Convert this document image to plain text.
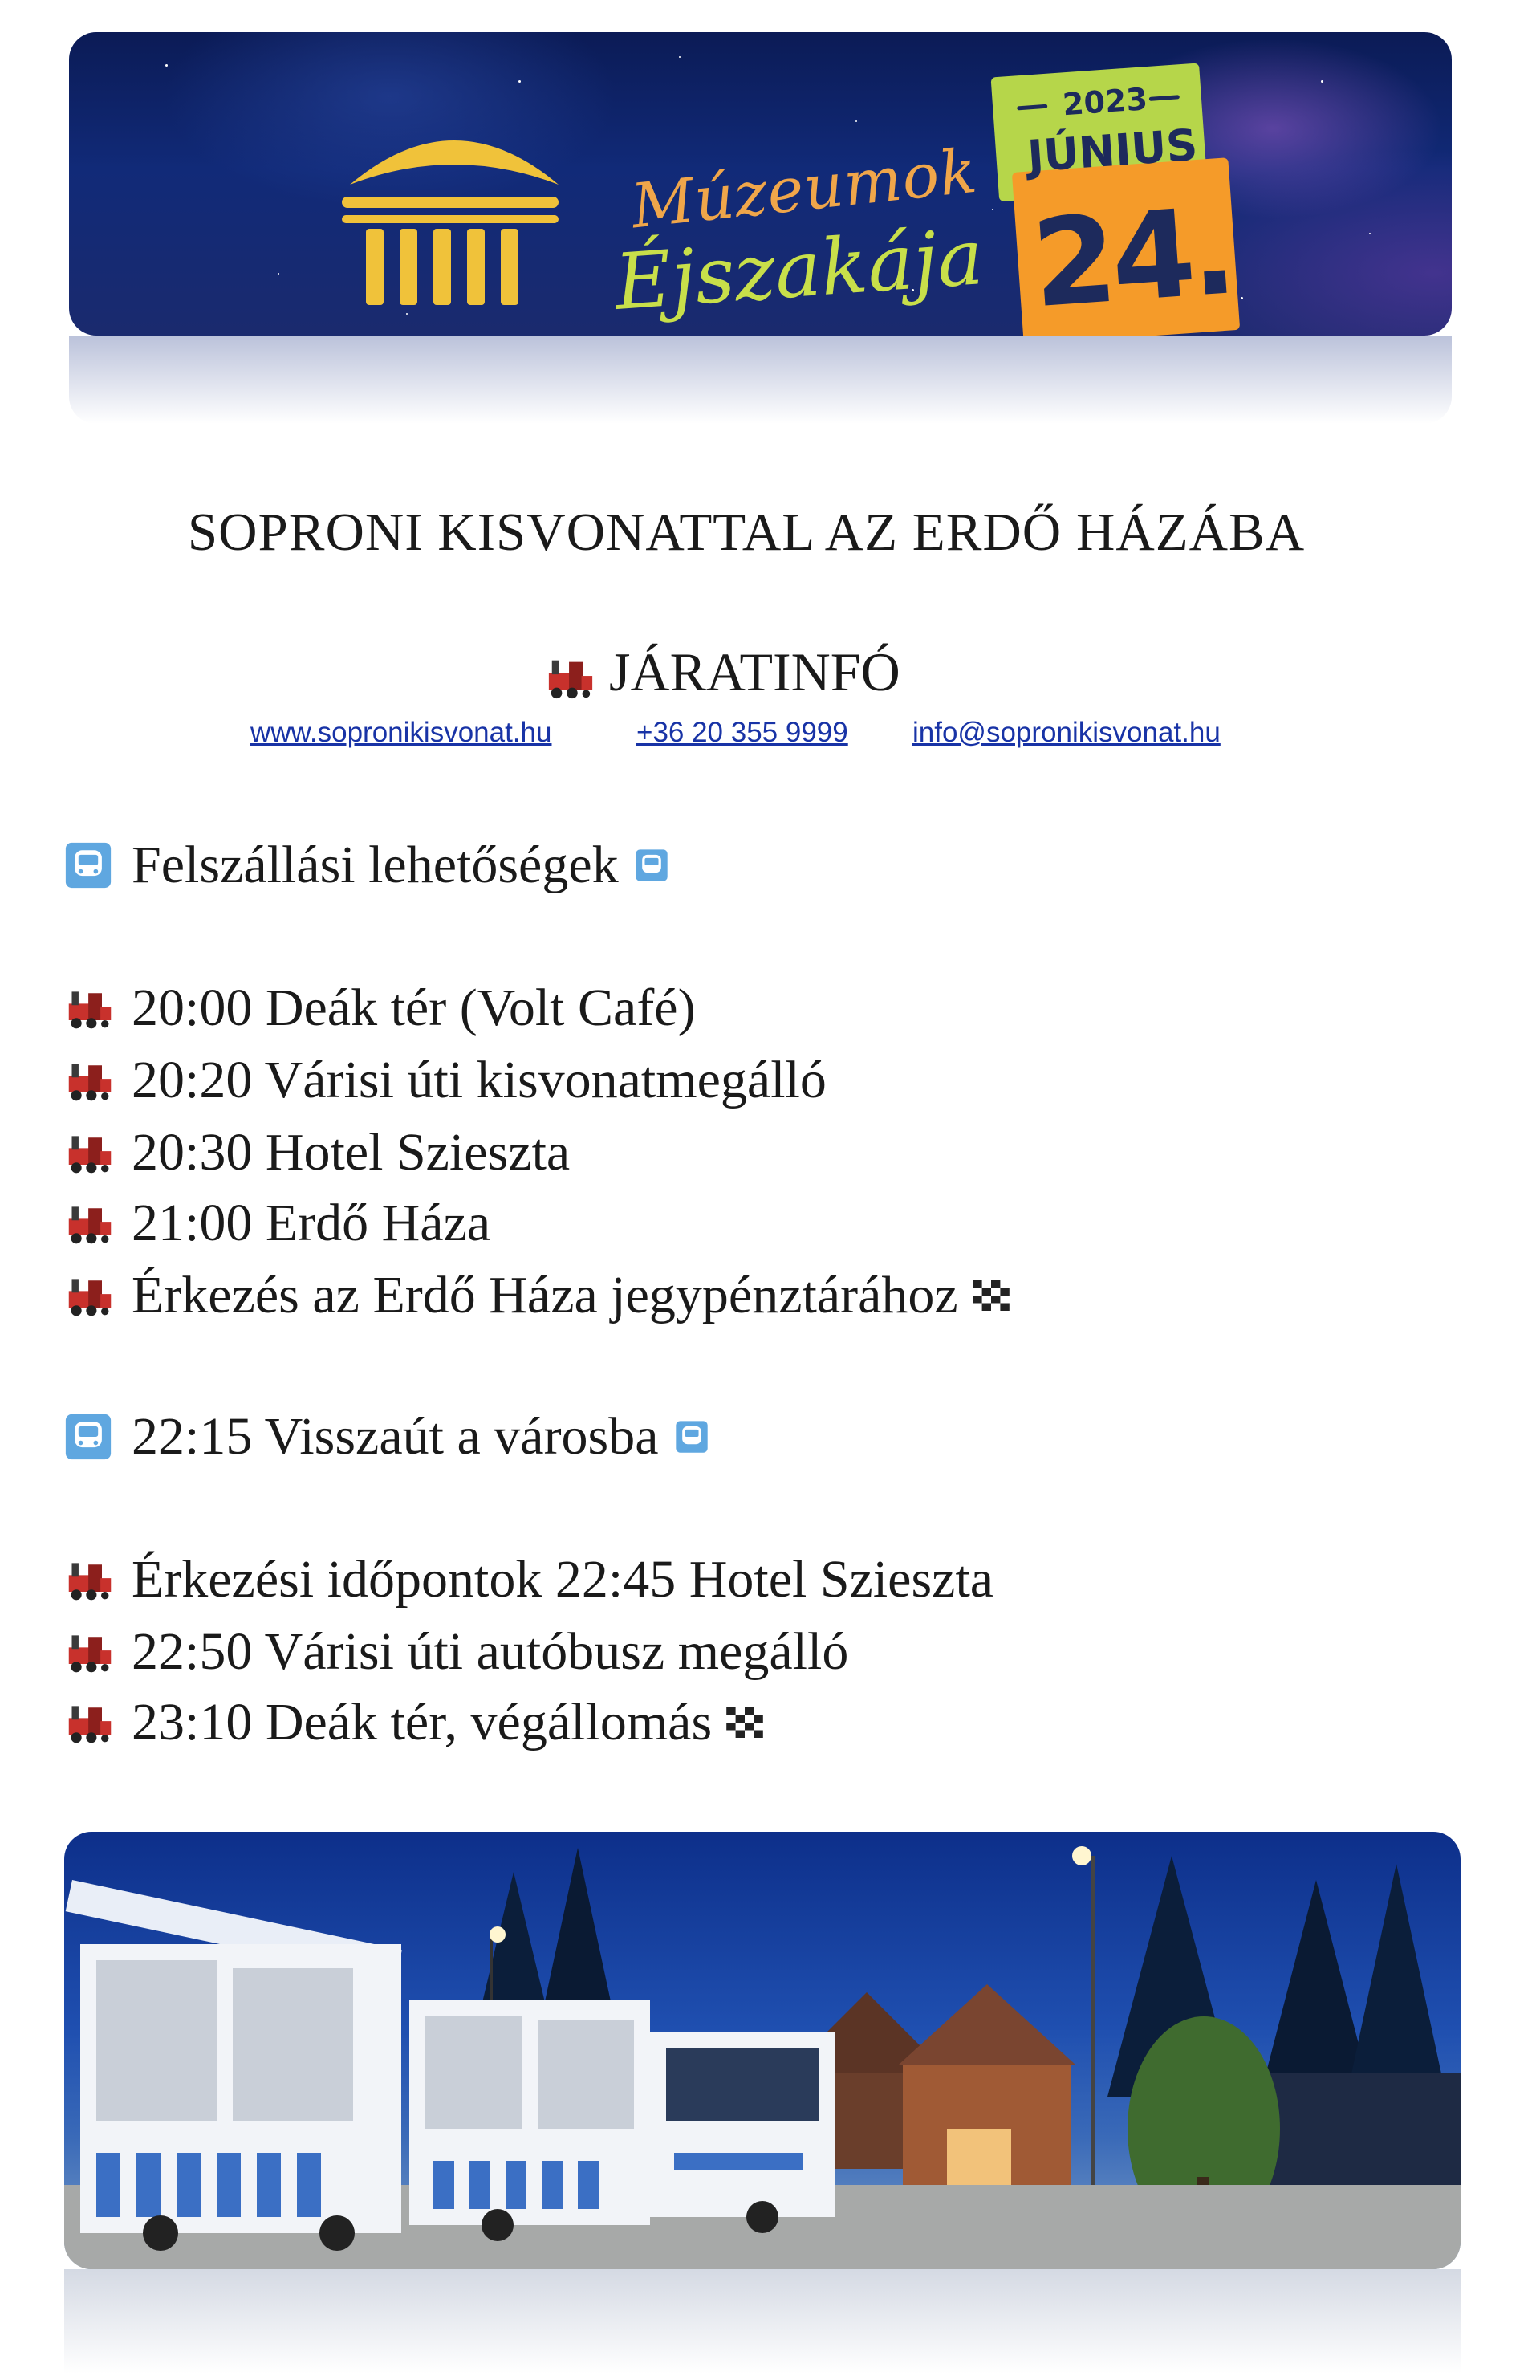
Múzeumok
Éjszakája
2023
JÚNIUS
24.
SOPRONI KISVONATTAL AZ ERDŐ HÁZÁBA
JÁRATINFÓ
www.sopronikisvonat.hu	+36 20 355 9999 info@sopronikisvonat.hu
Felszállási lehetőségek
20:00 Deák tér (Volt Café)
20:20 Várisi úti kisvonatmegálló
20:30 Hotel Szieszta
21:00 Erdő Háza
Érkezés az Erdő Háza jegypénztárához
22:15 Visszaút a városba
Érkezési időpontok 22:45 Hotel Szieszta
22:50 Várisi úti autóbusz megálló
23:10 Deák tér, végállomás
